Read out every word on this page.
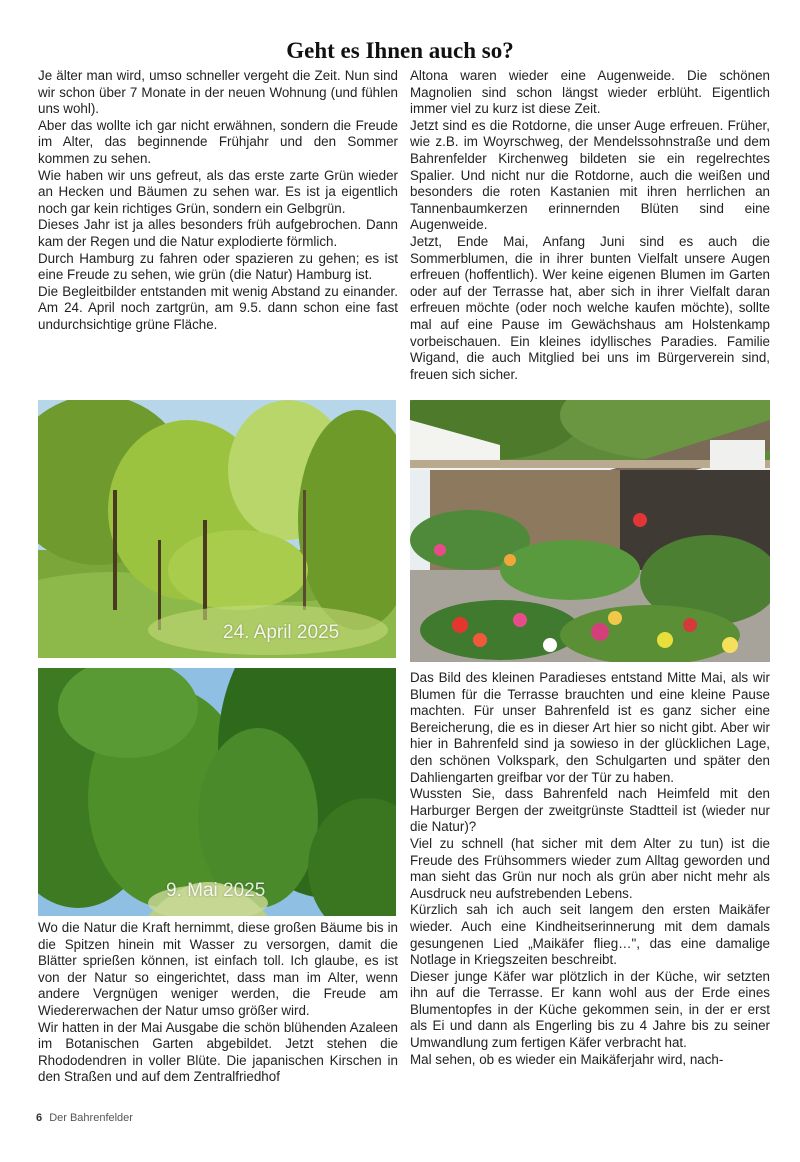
Geht es Ihnen auch so?

Je älter man wird, umso schneller vergeht die Zeit. Nun sind wir schon über 7 Monate in der neuen Wohnung (und fühlen uns wohl).

Aber das wollte ich gar nicht erwähnen, sondern die Freude im Alter, das beginnende Frühjahr und den Sommer kommen zu sehen.

Wie haben wir uns gefreut, als das erste zarte Grün wieder an Hecken und Bäumen zu sehen war. Es ist ja eigentlich noch gar kein richtiges Grün, sondern ein Gelbgrün.

Dieses Jahr ist ja alles besonders früh aufgebrochen. Dann kam der Regen und die Natur explodierte förmlich.

Durch Hamburg zu fahren oder spazieren zu gehen; es ist eine Freude zu sehen, wie grün (die Natur) Hamburg ist.

Die Begleitbilder entstanden mit wenig Abstand zu einander. Am 24. April noch zartgrün, am 9.5. dann schon eine fast undurchsichtige grüne Fläche.

Altona waren wieder eine Augenweide. Die schönen Magnolien sind schon längst wieder erblüht. Eigentlich immer viel zu kurz ist diese Zeit.

Jetzt sind es die Rotdorne, die unser Auge erfreuen. Früher, wie z.B. im Woyrschweg, der Mendelssohnstraße und dem Bahrenfelder Kirchenweg bildeten sie ein regelrechtes Spalier. Und nicht nur die Rotdorne, auch die weißen und besonders die roten Kastanien mit ihren herrlichen an Tannenbaumkerzen erinnernden Blüten sind eine Augenweide.

Jetzt, Ende Mai, Anfang Juni sind es auch die Sommerblumen, die in ihrer bunten Vielfalt unsere Augen erfreuen (hoffentlich). Wer keine eigenen Blumen im Garten oder auf der Terrasse hat, aber sich in ihrer Vielfalt daran erfreuen möchte (oder noch welche kaufen möchte), sollte mal auf eine Pause im Gewächshaus am Holstenkamp vorbeischauen. Ein kleines idyllisches Paradies. Familie Wigand, die auch Mitglied bei uns im Bürgerverein sind, freuen sich sicher.

24. April 2025
9. Mai 2025

Wo die Natur die Kraft hernimmt, diese großen Bäume bis in die Spitzen hinein mit Wasser zu versorgen, damit die Blätter sprießen können, ist einfach toll. Ich glaube, es ist von der Natur so eingerichtet, dass man im Alter, wenn andere Vergnügen weniger werden, die Freude am Wiedererwachen der Natur umso größer wird.

Wir hatten in der Mai Ausgabe die schön blühenden Azaleen im Botanischen Garten abgebildet. Jetzt stehen die Rhododendren in voller Blüte. Die japanischen Kirschen in den Straßen und auf dem Zentralfriedhof

Das Bild des kleinen Paradieses entstand Mitte Mai, als wir Blumen für die Terrasse brauchten und eine kleine Pause machten. Für unser Bahrenfeld ist es ganz sicher eine Bereicherung, die es in dieser Art hier so nicht gibt. Aber wir hier in Bahrenfeld sind ja sowieso in der glücklichen Lage, den schönen Volkspark, den Schulgarten und später den Dahliengarten greifbar vor der Tür zu haben.

Wussten Sie, dass Bahrenfeld nach Heimfeld mit den Harburger Bergen der zweitgrünste Stadtteil ist (wieder nur die Natur)?

Viel zu schnell (hat sicher mit dem Alter zu tun) ist die Freude des Frühsommers wieder zum Alltag geworden und man sieht das Grün nur noch als grün aber nicht mehr als Ausdruck neu aufstrebenden Lebens.

Kürzlich sah ich auch seit langem den ersten Maikäfer wieder. Auch eine Kindheitserinnerung mit dem damals gesungenen Lied „Maikäfer flieg…", das eine damalige Notlage in Kriegszeiten beschreibt.

Dieser junge Käfer war plötzlich in der Küche, wir setzten ihn auf die Terrasse. Er kann wohl aus der Erde eines Blumentopfes in der Küche gekommen sein, in der er erst als Ei und dann als Engerling bis zu 4 Jahre bis zu seiner Umwandlung zum fertigen Käfer verbracht hat.

Mal sehen, ob es wieder ein Maikäferjahr wird, nach-

6 Der Bahrenfelder
